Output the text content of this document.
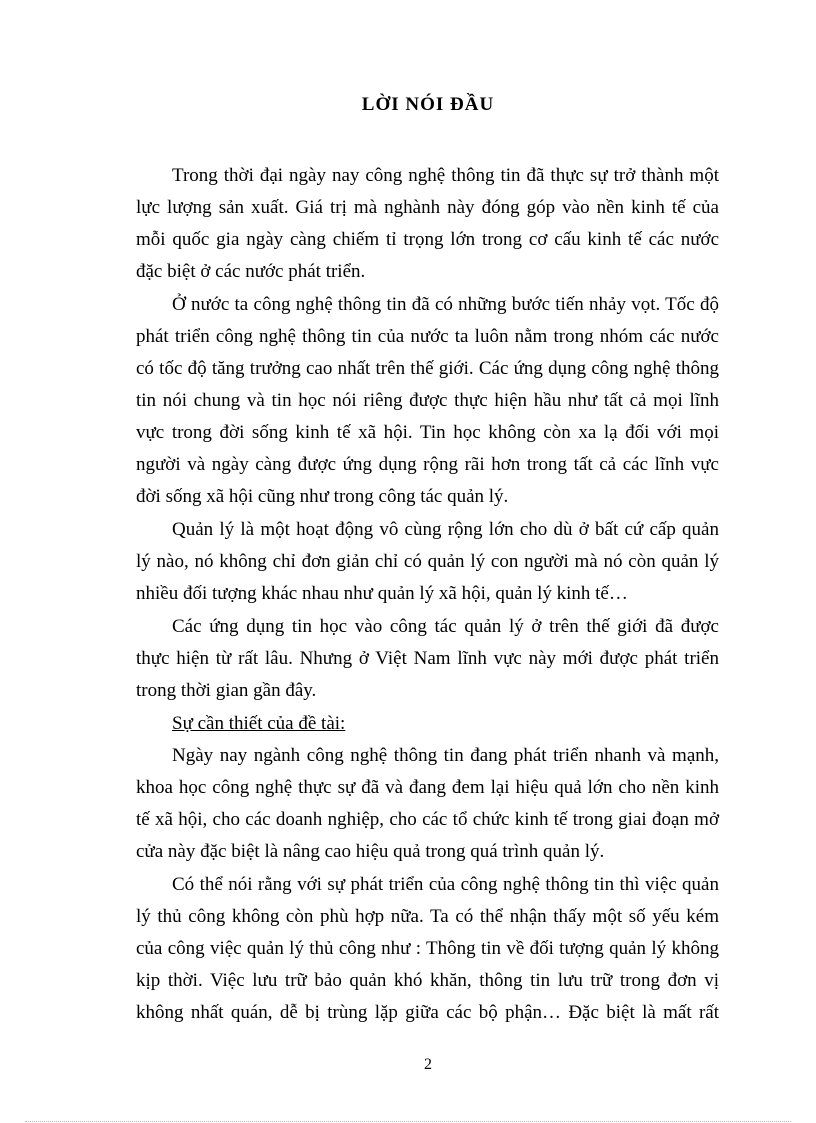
LỜI NÓI ĐẦU
Trong thời đại ngày nay công nghệ thông tin đã thực sự trở thành một
lực lượng sản xuất. Giá trị mà nghành này đóng góp vào nền kinh tế của
mỗi quốc gia ngày càng chiếm tỉ trọng lớn trong cơ cấu kinh tế các nước
đặc biệt ở các nước phát triển.
Ở nước ta công nghệ thông tin đã có những bước tiến nhảy vọt. Tốc độ
phát triển công nghệ thông tin của nước ta luôn nằm trong nhóm các nước
có tốc độ tăng trưởng cao nhất trên thế giới. Các ứng dụng công nghệ thông
tin nói chung và tin học nói riêng được thực hiện hầu như tất cả mọi lĩnh
vực trong đời sống kinh tế xã hội. Tin học không còn xa lạ đối với mọi
người và ngày càng được ứng dụng rộng rãi hơn trong tất cả các lĩnh vực
đời sống xã hội cũng như trong công tác quản lý.
Quản lý là một hoạt động vô cùng rộng lớn cho dù ở bất cứ cấp quản
lý nào, nó không chỉ đơn giản chỉ có quản lý con người mà nó còn quản lý
nhiều đối tượng khác nhau như quản lý xã hội, quản lý kinh tế…
Các ứng dụng tin học vào công tác quản lý ở trên thế giới đã được
thực hiện từ rất lâu. Nhưng ở Việt Nam lĩnh vực này mới được phát triển
trong thời gian gần đây.
Sự cần thiết của đề tài:
Ngày nay ngành công nghệ thông tin đang phát triển nhanh và mạnh,
khoa học công nghệ thực sự đã và đang đem lại hiệu quả lớn cho nền kinh
tế xã hội, cho các doanh nghiệp, cho các tổ chức kinh tế trong giai đoạn mở
cửa này đặc biệt là nâng cao hiệu quả trong quá trình quản lý.
Có thể nói rằng với sự phát triển của công nghệ thông tin thì việc quản
lý thủ công không còn phù hợp nữa. Ta có thể nhận thấy một số yếu kém
của công việc quản lý thủ công như : Thông tin về đối tượng quản lý không
kịp thời. Việc lưu trữ bảo quản khó khăn, thông tin lưu trữ trong đơn vị
không nhất quán, dễ bị trùng lặp giữa các bộ phận… Đặc biệt là mất rất
2
